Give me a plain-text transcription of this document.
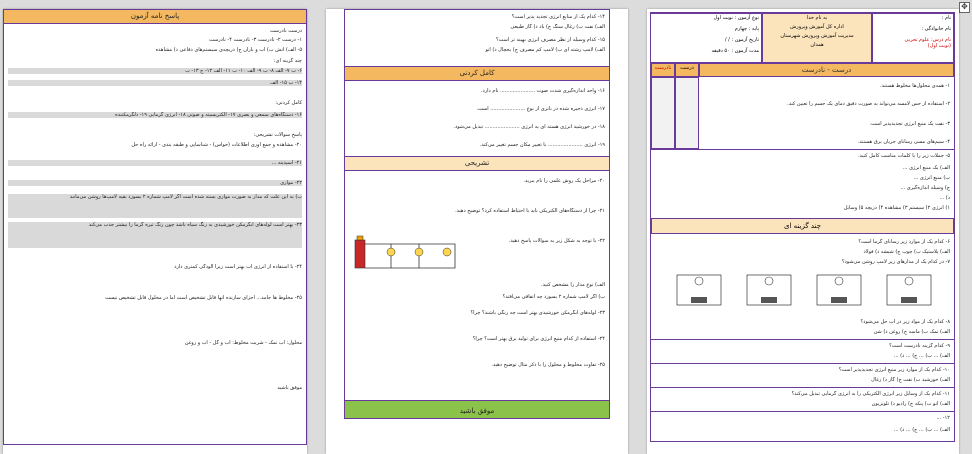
✥
پاسخ نامه آزمون
درست نادرست
۱- درست ۲- نادرست ۳- نادرست ۴- نادرست
۵- الف) آتش ب) آب و باران ج) دریچه‌ی سیستم‌های دفاعی د) مشاهده
چند گزینه ای:
۶- ب ۷- الف ۸- ب ۹- الف ۱۰- ب ۱۱- الف ۱۲- ج ۱۳- ب
۱۴- ب ۱۵- الف
کامل کردنی:
۱۶- دستگاه‌های سمعی و بصری ۱۷- الکتریسیته و صوتی ۱۸- انرژی گرمایی ۱۹- دلگرمکننده
پاسخ سوالات تشریحی:
۲۰- مشاهده و جمع آوری اطلاعات (حواس) - شناسایی و طبقه بندی - ارائه راه حل
۲۱- اسیدیته ...
۲۲- موازی
ب) به این علت که مدار به صورت موازی بسته شده است اگر لامپ شماره ۲ بسوزد بقیه لامپ‌ها روشن می‌مانند
۲۳- بهتر است لوله‌های آبگرمکن خورشیدی به رنگ سیاه باشد چون رنگ تیره گرما را بیشتر جذب می‌کند
۲۴- با استفاده از انرژی آب بهتر است زیرا آلودگی کمتری دارد
۲۵- مخلوط ها جامد... اجزای سازنده آنها قابل تشخیص است اما در محلول قابل تشخیص نیست
محلول: آب نمک - شربت مخلوط: آب و گل - آب و روغن
موفق باشید
۱۴- کدام یک از منابع انرژی تجدید پذیر است؟
الف) نفت ب) زغال سنگ ج) باد د) گاز طبیعی
۱۵- کدام وسیله از نظر مصرف انرژی بهینه تر است؟
الف) لامپ رشته ای ب) لامپ کم مصرف ج) یخچال د) اتو
کامل کردنی
۱۶- واحد اندازه‌گیری شدت صوت ...................... نام دارد.
۱۷- انرژی ذخیره شده در باتری از نوع ...................... است.
۱۸- در خورشید انرژی هسته ای به انرژی ...................... تبدیل می‌شود.
۱۹- انرژی ...................... با تغییر مکان جسم تغییر می‌کند.
تشریحی
۲۰- مراحل یک روش علمی را نام ببرید.
۲۱- چرا از دستگاه‌های الکتریکی باید با احتیاط استفاده کرد؟ توضیح دهید.
۲۲- با توجه به شکل زیر به سوالات پاسخ دهید.
الف) نوع مدار را مشخص کنید.
ب) اگر لامپ شماره ۲ بسوزد چه اتفاقی می‌افتد؟
۲۳- لوله‌های آبگرمکن خورشیدی بهتر است چه رنگی باشند؟ چرا؟
۲۴- استفاده از کدام منبع انرژی برای تولید برق بهتر است؟ چرا؟
۲۵- تفاوت مخلوط و محلول را با ذکر مثال توضیح دهید.
موفق باشید
نام :
نام خانوادگی :
نام درس: علوم تجربی
(نوبت اول)
به نام خدا
اداره کل آموزش وپرورش
مدیریت آموزش وپرورش شهرستان
همدان
نوع آزمون : نوبت اول
پایه : چهارم
تاریخ آزمون : / /
مدت آزمون : ۵۰ دقیقه
نادرست	درست	درست - نادرست
۱- همه‌ی محلول‌ها مخلوط هستند.
۲- استفاده از حس لامسه می‌تواند به صورت دقیق دمای یک جسم را تعیین کند.
۳- نفت یک منبع انرژی تجدیدپذیر است.
۴- سیم‌های مسی رسانای جریان برق هستند.
۵- جملات زیر را با کلمات مناسب کامل کنید.
الف) یک منبع انرژی ...
ب) منبع انرژی ...
ج) وسیله اندازه‌گیری ...
د) ...
۱) انرژی ۲) سیستم ۳) مشاهده ۴) دریچه ۵) وسایل
چند گزینه ای
۶- کدام یک از موارد زیر رسانای گرما است؟
الف) پلاستیک ب) چوب ج) شیشه د) فولاد
۷- در کدام یک از مدارهای زیر لامپ روشن می‌شود؟
۸- کدام یک از مواد زیر در آب حل می‌شود؟
الف) نمک ب) ماسه ج) روغن د) شن
۹- کدام گزینه نادرست است؟
الف) ... ب) ... ج) ... د) ...
۱۰- کدام یک از موارد زیر منبع انرژی تجدیدپذیر است؟
الف) خورشید ب) نفت ج) گاز د) زغال
۱۱- کدام یک از وسایل زیر انرژی الکتریکی را به انرژی گرمایی تبدیل می‌کند؟
الف) اتو ب) پنکه ج) رادیو د) تلویزیون
۱۲- ...
الف) ... ب) ... ج) ... د) ...
